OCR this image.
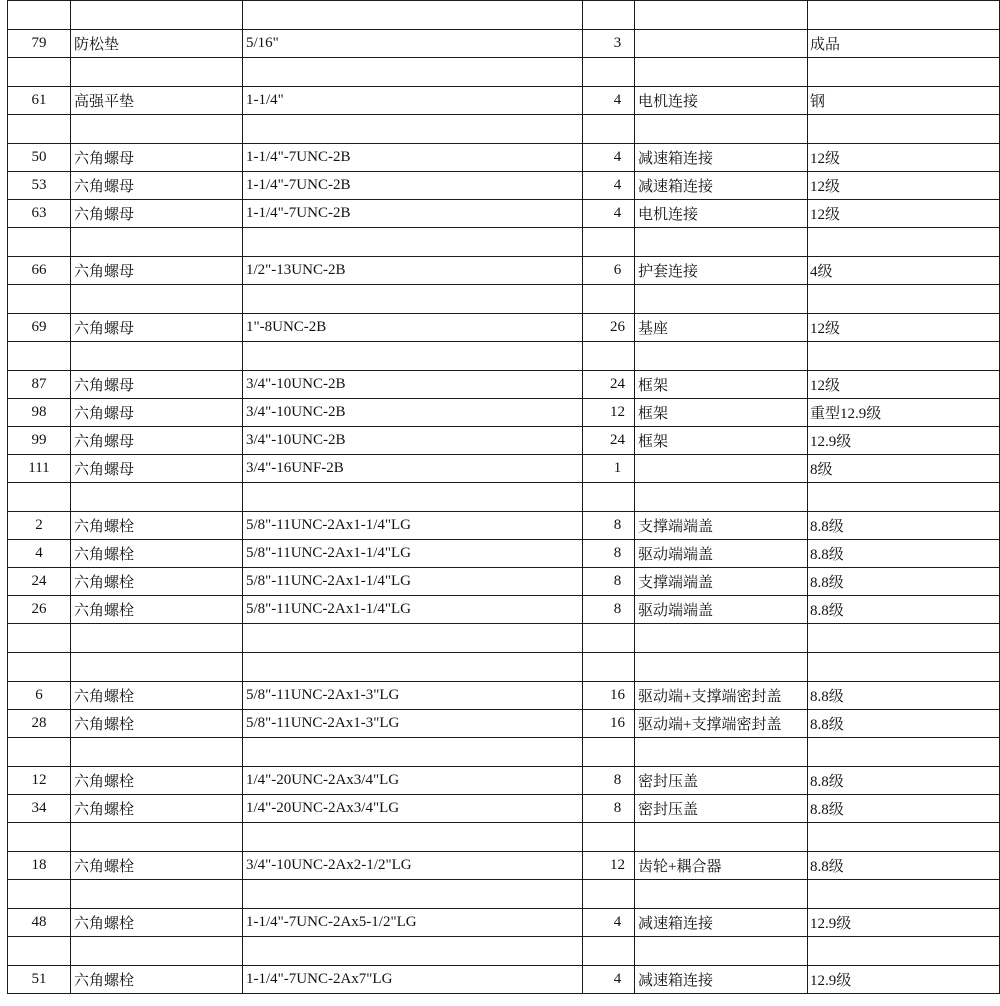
79	防松垫	5/16"	3		成品

61	高强平垫	1-1/4"	4	电机连接	钢

50	六角螺母	1-1/4"-7UNC-2B	4	减速箱连接	12级
53	六角螺母	1-1/4"-7UNC-2B	4	减速箱连接	12级
63	六角螺母	1-1/4"-7UNC-2B	4	电机连接	12级

66	六角螺母	1/2"-13UNC-2B	6	护套连接	4级

69	六角螺母	1"-8UNC-2B	26	基座	12级

87	六角螺母	3/4"-10UNC-2B	24	框架	12级
98	六角螺母	3/4"-10UNC-2B	12	框架	重型12.9级
99	六角螺母	3/4"-10UNC-2B	24	框架	12.9级
111	六角螺母	3/4"-16UNF-2B	1		8级

2	六角螺栓	5/8"-11UNC-2Ax1-1/4"LG	8	支撑端端盖	8.8级
4	六角螺栓	5/8"-11UNC-2Ax1-1/4"LG	8	驱动端端盖	8.8级
24	六角螺栓	5/8"-11UNC-2Ax1-1/4"LG	8	支撑端端盖	8.8级
26	六角螺栓	5/8"-11UNC-2Ax1-1/4"LG	8	驱动端端盖	8.8级

6	六角螺栓	5/8"-11UNC-2Ax1-3"LG	16	驱动端+支撑端密封盖	8.8级
28	六角螺栓	5/8"-11UNC-2Ax1-3"LG	16	驱动端+支撑端密封盖	8.8级

12	六角螺栓	1/4"-20UNC-2Ax3/4"LG	8	密封压盖	8.8级
34	六角螺栓	1/4"-20UNC-2Ax3/4"LG	8	密封压盖	8.8级

18	六角螺栓	3/4"-10UNC-2Ax2-1/2"LG	12	齿轮+耦合器	8.8级

48	六角螺栓	1-1/4"-7UNC-2Ax5-1/2"LG	4	减速箱连接	12.9级

51	六角螺栓	1-1/4"-7UNC-2Ax7"LG	4	减速箱连接	12.9级
